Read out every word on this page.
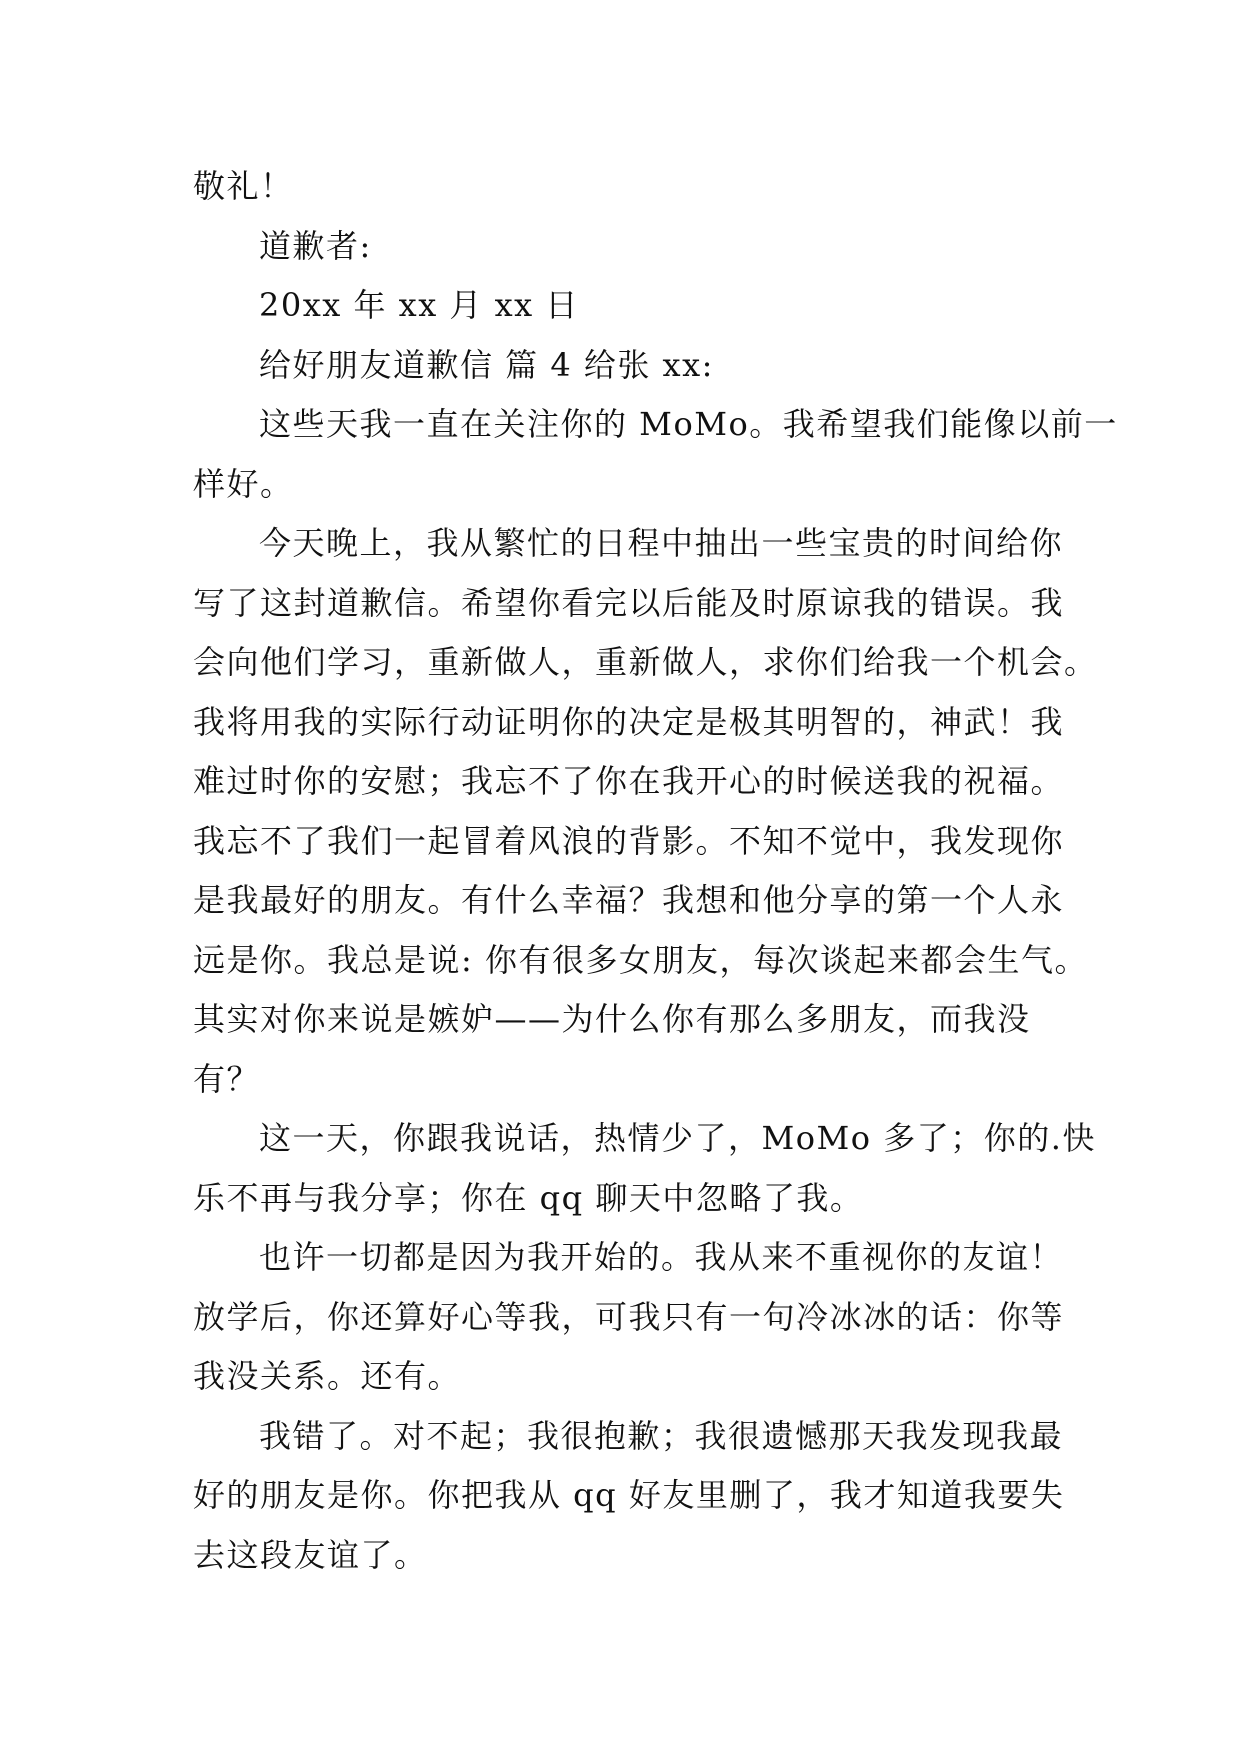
敬礼！
道歉者:
20xx 年 xx 月 xx 日
给好朋友道歉信 篇 4 给张 xx:
这些天我一直在关注你的 MoMo。我希望我们能像以前一
样好。
今天晚上，我从繁忙的日程中抽出一些宝贵的时间给你
写了这封道歉信。希望你看完以后能及时原谅我的错误。我
会向他们学习，重新做人，重新做人，求你们给我一个机会。
我将用我的实际行动证明你的决定是极其明智的，神武！我
难过时你的安慰；我忘不了你在我开心的时候送我的祝福。
我忘不了我们一起冒着风浪的背影。不知不觉中，我发现你
是我最好的朋友。有什么幸福？我想和他分享的第一个人永
远是你。我总是说: 你有很多女朋友，每次谈起来都会生气。
其实对你来说是嫉妒——为什么你有那么多朋友，而我没
有？
这一天，你跟我说话，热情少了，MoMo 多了；你的.快
乐不再与我分享；你在 qq 聊天中忽略了我。
也许一切都是因为我开始的。我从来不重视你的友谊！
放学后，你还算好心等我，可我只有一句冷冰冰的话：你等
我没关系。还有。
我错了。对不起；我很抱歉；我很遗憾那天我发现我最
好的朋友是你。你把我从 qq 好友里删了，我才知道我要失
去这段友谊了。
